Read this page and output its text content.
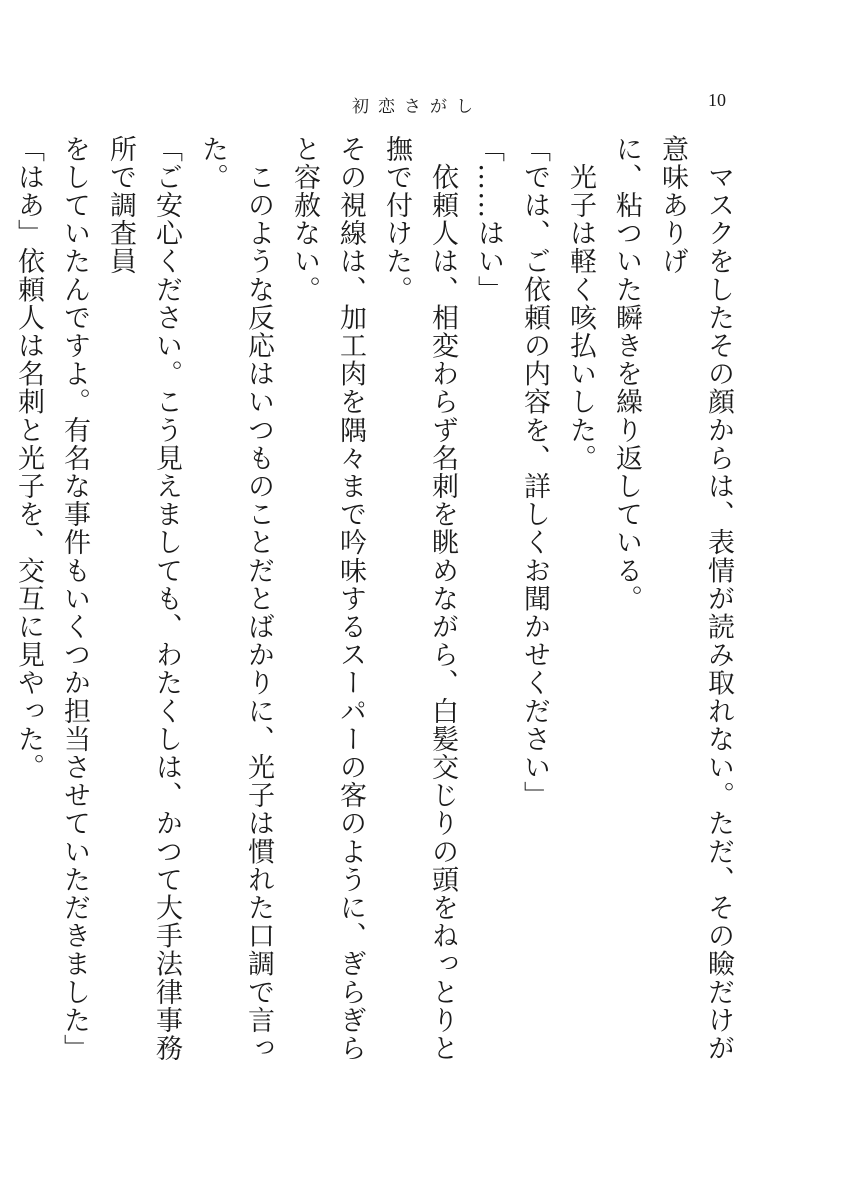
初恋さがし	10

　マスクをしたその顔からは、表情が読み取れない。ただ、その瞼だけが意味ありげ

に、粘ついた瞬きを繰り返している。

　光子は軽く咳払いした。

「では、ご依頼の内容を、詳しくお聞かせください」

「……はい」

　依頼人は、相変わらず名刺を眺めながら、白髪交じりの頭をねっとりと撫で付けた。

その視線は、加工肉を隅々まで吟味するスーパーの客のように、ぎらぎらと容赦ない。

　このような反応はいつものことだとばかりに、光子は慣れた口調で言った。

「ご安心ください。こう見えましても、わたくしは、かつて大手法律事務所で調査員

をしていたんですよ。有名な事件もいくつか担当させていただきました」

「はあ」依頼人は名刺と光子を、交互に見やった。
